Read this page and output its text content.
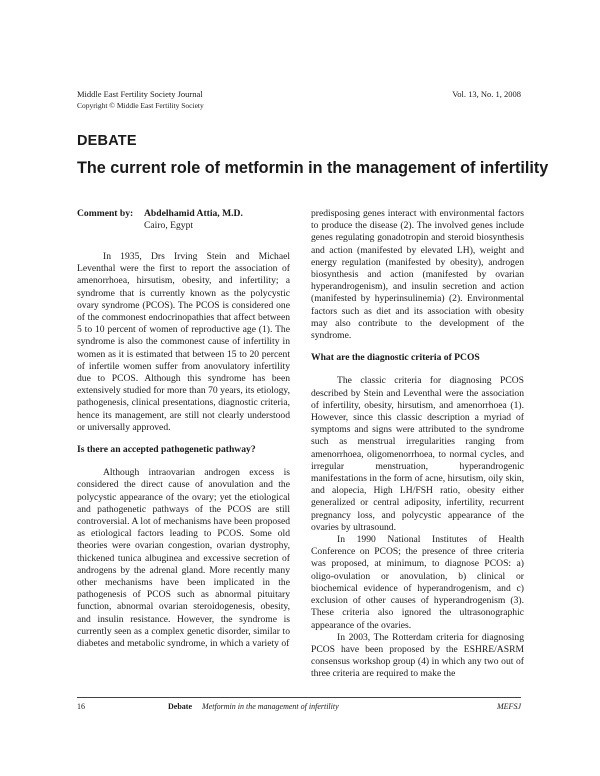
Middle East Fertility Society Journal
Copyright © Middle East Fertility Society
Vol. 13, No. 1, 2008
DEBATE
The current role of metformin in the management of infertility
Comment by: Abdelhamid Attia, M.D.
Cairo, Egypt

In 1935, Drs Irving Stein and Michael Leventhal were the first to report the association of amenorrhoea, hirsutism, obesity, and infertility; a syndrome that is currently known as the polycystic ovary syndrome (PCOS). The PCOS is considered one of the commonest endocrinopathies that affect between 5 to 10 percent of women of reproductive age (1). The syndrome is also the commonest cause of infertility in women as it is estimated that between 15 to 20 percent of infertile women suffer from anovulatory infertility due to PCOS. Although this syndrome has been extensively studied for more than 70 years, its etiology, pathogenesis, clinical presentations, diagnostic criteria, hence its management, are still not clearly understood or universally approved.

Is there an accepted pathogenetic pathway?

Although intraovarian androgen excess is considered the direct cause of anovulation and the polycystic appearance of the ovary; yet the etiological and pathogenetic pathways of the PCOS are still controversial. A lot of mechanisms have been proposed as etiological factors leading to PCOS. Some old theories were ovarian congestion, ovarian dystrophy, thickened tunica albuginea and excessive secretion of androgens by the adrenal gland. More recently many other mechanisms have been implicated in the pathogenesis of PCOS such as abnormal pituitary function, abnormal ovarian steroidogenesis, obesity, and insulin resistance. However, the syndrome is currently seen as a complex genetic disorder, similar to diabetes and metabolic syndrome, in which a variety of

predisposing genes interact with environmental factors to produce the disease (2). The involved genes include genes regulating gonadotropin and steroid biosynthesis and action (manifested by elevated LH), weight and energy regulation (manifested by obesity), androgen biosynthesis and action (manifested by ovarian hyperandrogenism), and insulin secretion and action (manifested by hyperinsulinemia) (2). Environmental factors such as diet and its association with obesity may also contribute to the development of the syndrome.

What are the diagnostic criteria of PCOS

The classic criteria for diagnosing PCOS described by Stein and Leventhal were the association of infertility, obesity, hirsutism, and amenorrhoea (1). However, since this classic description a myriad of symptoms and signs were attributed to the syndrome such as menstrual irregularities ranging from amenorrhoea, oligomenorrhoea, to normal cycles, and irregular menstruation, hyperandrogenic manifestations in the form of acne, hirsutism, oily skin, and alopecia, High LH/FSH ratio, obesity either generalized or central adiposity, infertility, recurrent pregnancy loss, and polycystic appearance of the ovaries by ultrasound.

In 1990 National Institutes of Health Conference on PCOS; the presence of three criteria was proposed, at minimum, to diagnose PCOS: a) oligo-ovulation or anovulation, b) clinical or biochemical evidence of hyperandrogenism, and c) exclusion of other causes of hyperandrogenism (3). These criteria also ignored the ultrasonographic appearance of the ovaries.

In 2003, The Rotterdam criteria for diagnosing PCOS have been proposed by the ESHRE/ASRM consensus workshop group (4) in which any two out of three criteria are required to make the

16	Debate Metformin in the management of infertility	MEFSJ
